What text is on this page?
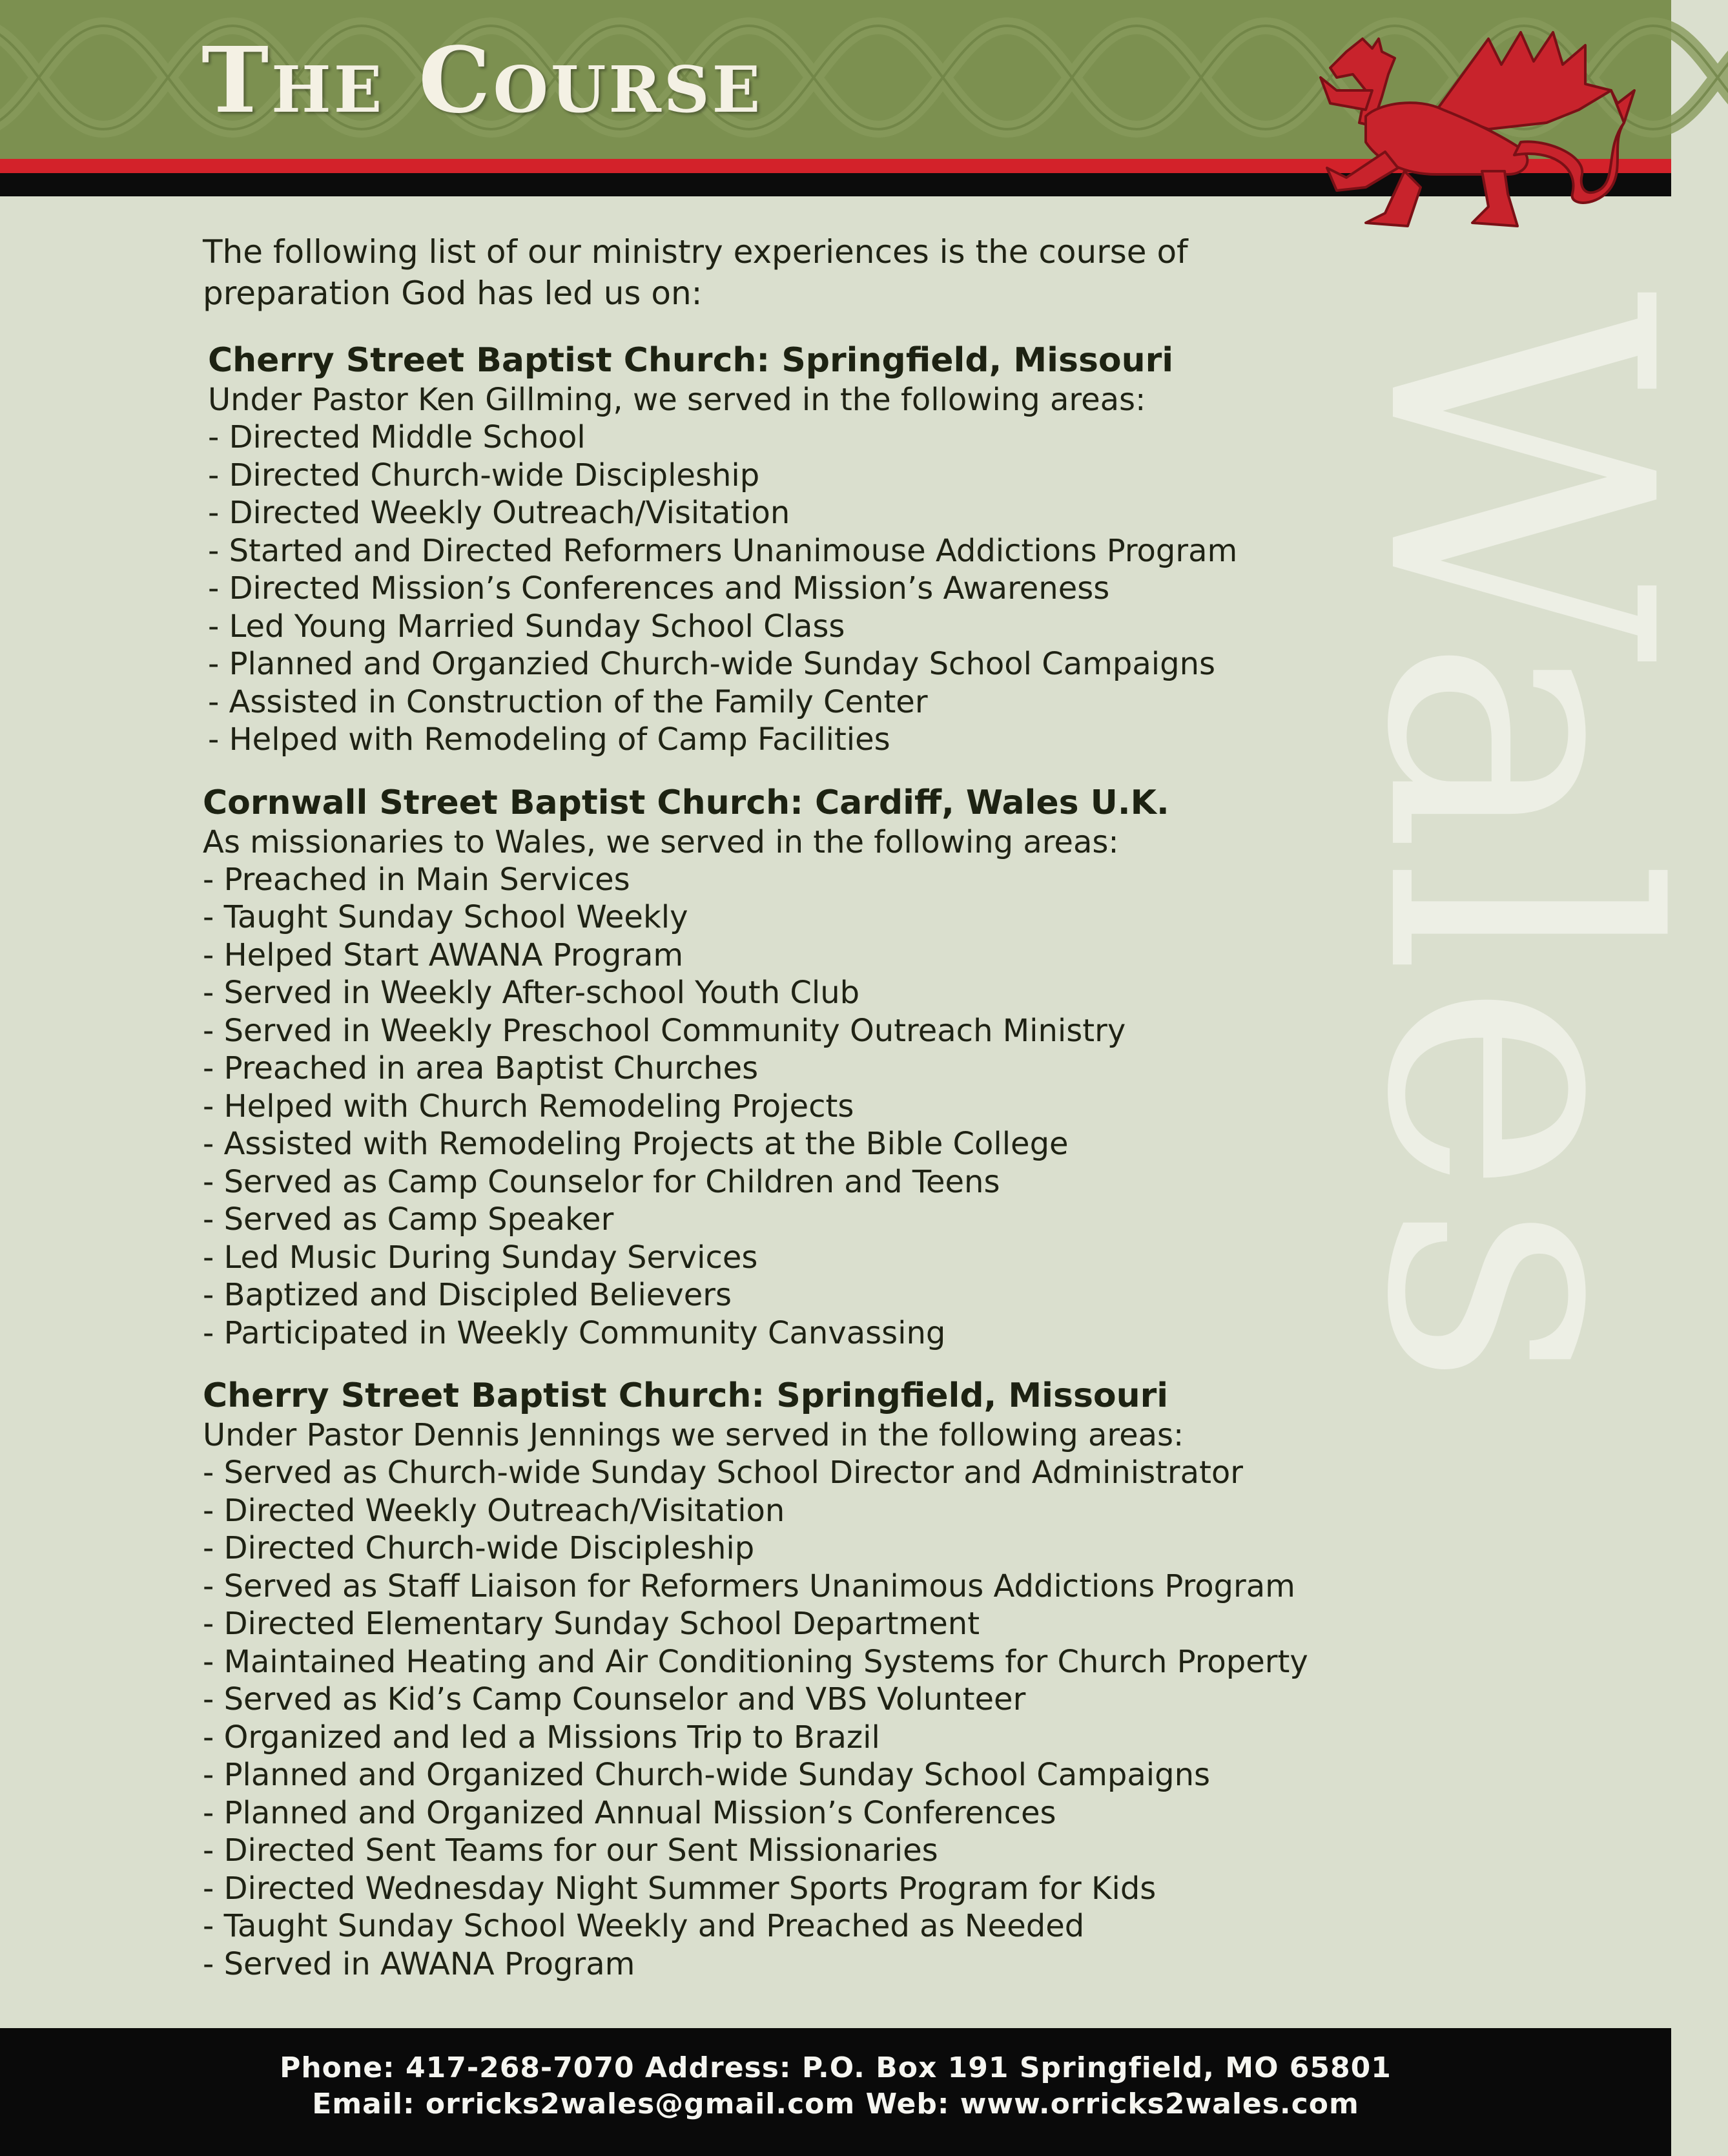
The Course
Wales

The following list of our ministry experiences is the course of preparation God has led us on:

Cherry Street Baptist Church: Springfield, Missouri

Under Pastor Ken Gillming, we served in the following areas:

- Directed Middle School
- Directed Church-wide Discipleship
- Directed Weekly Outreach/Visitation
- Started and Directed Reformers Unanimouse Addictions Program
- Directed Mission’s Conferences and Mission’s Awareness
- Led Young Married Sunday School Class
- Planned and Organzied Church-wide Sunday School Campaigns
- Assisted in Construction of the Family Center
- Helped with Remodeling of Camp Facilities
Cornwall Street Baptist Church: Cardiff, Wales U.K.

As missionaries to Wales, we served in the following areas:

- Preached in Main Services
- Taught Sunday School Weekly
- Helped Start AWANA Program
- Served in Weekly After-school Youth Club
- Served in Weekly Preschool Community Outreach Ministry
- Preached in area Baptist Churches
- Helped with Church Remodeling Projects
- Assisted with Remodeling Projects at the Bible College
- Served as Camp Counselor for Children and Teens
- Served as Camp Speaker
- Led Music During Sunday Services
- Baptized and Discipled Believers
- Participated in Weekly Community Canvassing
Cherry Street Baptist Church: Springfield, Missouri

Under Pastor Dennis Jennings we served in the following areas:

- Served as Church-wide Sunday School Director and Administrator
- Directed Weekly Outreach/Visitation
- Directed Church-wide Discipleship
- Served as Staff Liaison for Reformers Unanimous Addictions Program
- Directed Elementary Sunday School Department
- Maintained Heating and Air Conditioning Systems for Church Property
- Served as Kid’s Camp Counselor and VBS Volunteer
- Organized and led a Missions Trip to Brazil
- Planned and Organized Church-wide Sunday School Campaigns
- Planned and Organized Annual Mission’s Conferences
- Directed Sent Teams for our Sent Missionaries
- Directed Wednesday Night Summer Sports Program for Kids
- Taught Sunday School Weekly and Preached as Needed
- Served in AWANA Program

Phone: 417-268-7070 Address: P.O. Box 191 Springfield, MO 65801

Email: orricks2wales@gmail.com Web: www.orricks2wales.com
